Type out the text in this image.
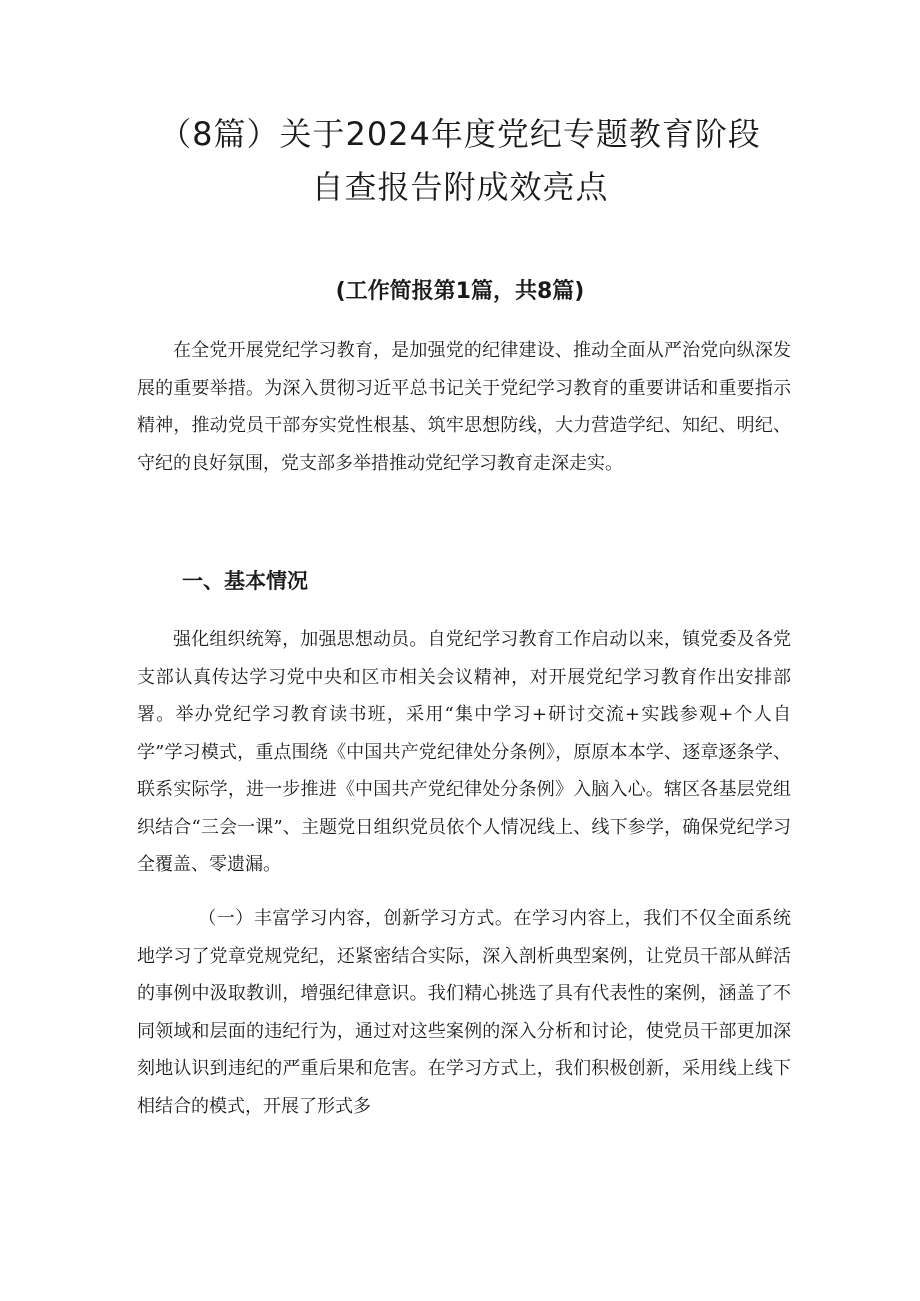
（8篇）关于2024年度党纪专题教育阶段
自查报告附成效亮点
(工作简报第1篇，共8篇)

在全党开展党纪学习教育，是加强党的纪律建设、推动全面从严治党向纵深发展的重要举措。为深入贯彻习近平总书记关于党纪学习教育的重要讲话和重要指示精神，推动党员干部夯实党性根基、筑牢思想防线，大力营造学纪、知纪、明纪、守纪的良好氛围，党支部多举措推动党纪学习教育走深走实。

一、基本情况

强化组织统筹，加强思想动员。自党纪学习教育工作启动以来，镇党委及各党支部认真传达学习党中央和区市相关会议精神，对开展党纪学习教育作出安排部署。举办党纪学习教育读书班，采用“集中学习+研讨交流+实践参观+个人自学”学习模式，重点围绕《中国共产党纪律处分条例》，原原本本学、逐章逐条学、联系实际学，进一步推进《中国共产党纪律处分条例》入脑入心。辖区各基层党组织结合“三会一课”、主题党日组织党员依个人情况线上、线下参学，确保党纪学习全覆盖、零遗漏。

（一）丰富学习内容，创新学习方式。在学习内容上，我们不仅全面系统地学习了党章党规党纪，还紧密结合实际，深入剖析典型案例，让党员干部从鲜活的事例中汲取教训，增强纪律意识。我们精心挑选了具有代表性的案例，涵盖了不同领域和层面的违纪行为，通过对这些案例的深入分析和讨论，使党员干部更加深刻地认识到违纪的严重后果和危害。在学习方式上，我们积极创新，采用线上线下相结合的模式，开展了形式多
